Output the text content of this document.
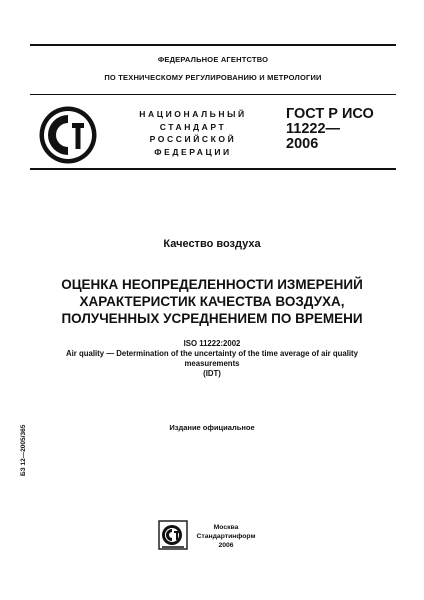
ФЕДЕРАЛЬНОЕ АГЕНТСТВО
ПО ТЕХНИЧЕСКОМУ РЕГУЛИРОВАНИЮ И МЕТРОЛОГИИ
НАЦИОНАЛЬНЫЙ
СТАНДАРТ
РОССИЙСКОЙ
ФЕДЕРАЦИИ
ГОСТ Р ИСО
11222—
2006
Качество воздуха
ОЦЕНКА НЕОПРЕДЕЛЕННОСТИ ИЗМЕРЕНИЙ
ХАРАКТЕРИСТИК КАЧЕСТВА ВОЗДУХА,
ПОЛУЧЕННЫХ УСРЕДНЕНИЕМ ПО ВРЕМЕНИ
ISO 11222:2002
Air quality — Determination of the uncertainty of the time average of air quality
measurements
(IDT)
Издание официальное
БЗ 12—2005/365
Москва
Стандартинформ
2006
